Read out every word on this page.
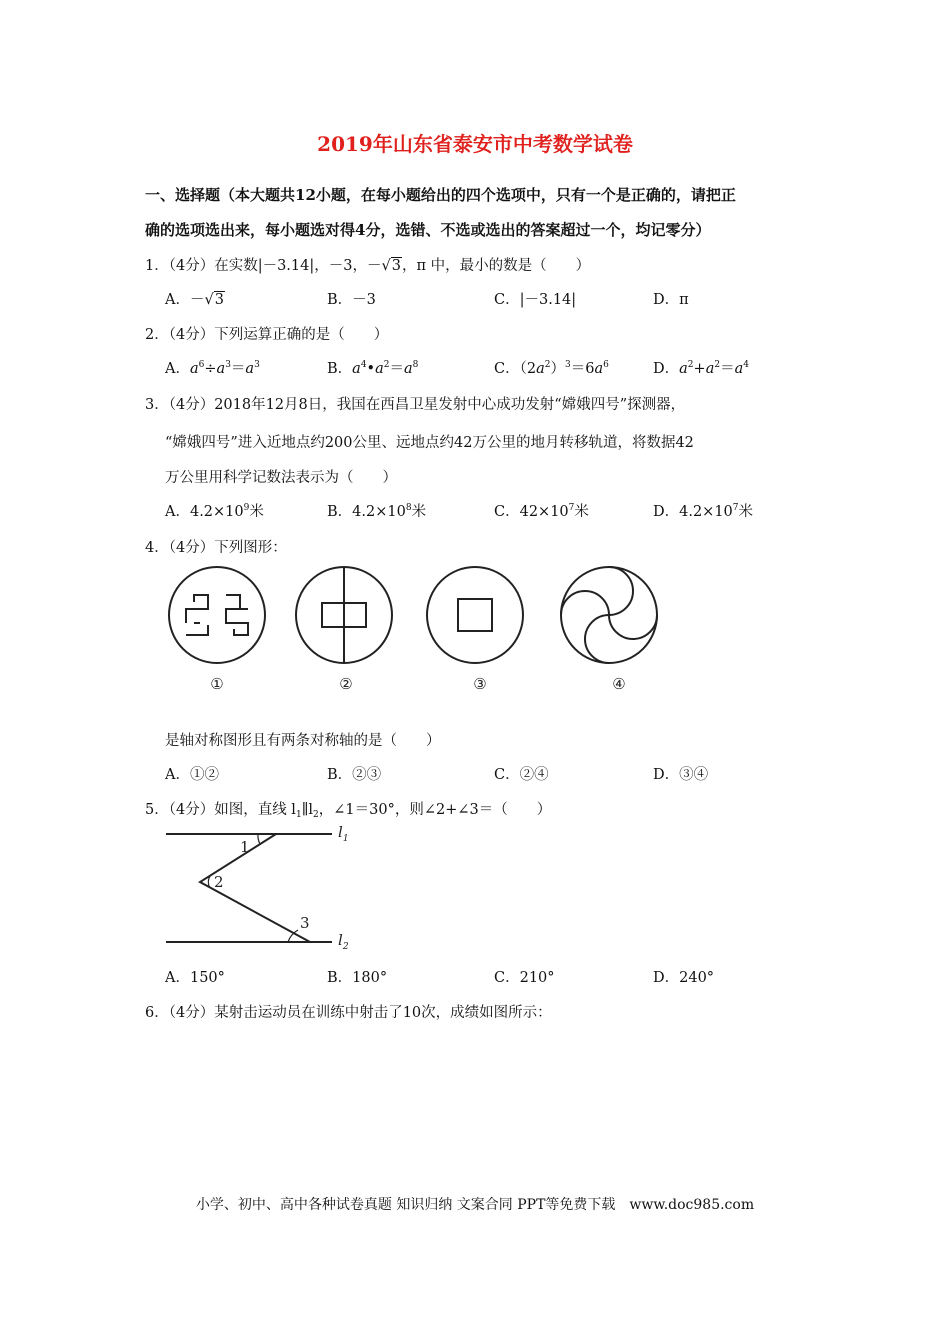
2019年山东省泰安市中考数学试卷
一、选择题（本大题共12小题，在每小题给出的四个选项中，只有一个是正确的，请把正
确的选项选出来，每小题选对得4分，选错、不选或选出的答案超过一个，均记零分）
1．（4分）在实数|－3.14|，－3，－√3，π 中，最小的数是（　　）
A．－√3	B．－3	C．|－3.14|	D．π
2．（4分）下列运算正确的是（　　）
A．$a^6\div a^3=a^3$	B．$a^4•a^2=a^8$	C．$(2a^2)^3=6a^6$	D．$a^2+a^2=a^4$
3．（4分）2018年12月8日，我国在西昌卫星发射中心成功发射“嫦娥四号”探测器，
“嫦娥四号”进入近地点约200公里、远地点约42万公里的地月转移轨道，将数据42
万公里用科学记数法表示为（　　）
A．$4.2\times 10^9$米	B．$4.2\times 10^8$米	C．$42\times 10^7$米	D．$4.2\times 10^7$米
4．（4分）下列图形：
①	②	③	④
是轴对称图形且有两条对称轴的是（　　）
A．①②	B．②③	C．②④	D．③④
5．（4分）如图，直线 $l_1\parallel l_2$，∠1＝30°，则∠2+∠3＝（　　）
1
2
3
$l_1$
$l_2$
A．150°	B．180°	C．210°	D．240°
6．（4分）某射击运动员在训练中射击了10次，成绩如图所示：
小学、初中、高中各种试卷真题 知识归纳 文案合同 PPT等免费下载　www.doc985.com
